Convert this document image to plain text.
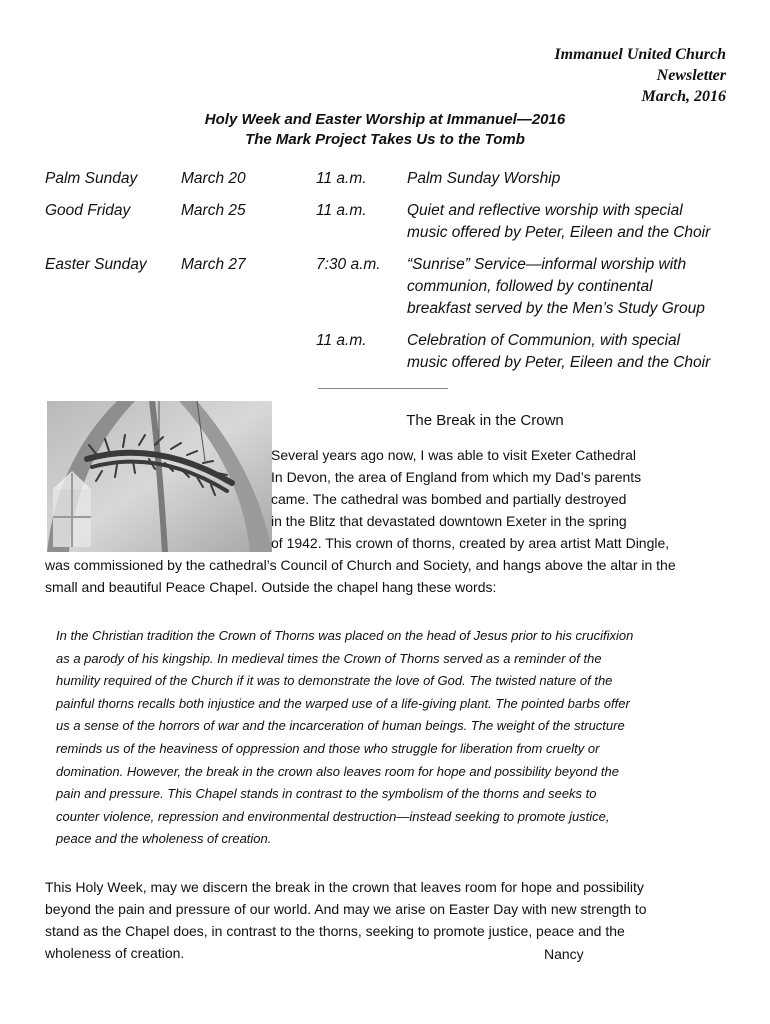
Immanuel United Church
Newsletter
March, 2016
Holy Week and Easter Worship at Immanuel—2016
The Mark Project Takes Us to the Tomb
Palm Sunday	March 20	11 a.m.	Palm Sunday Worship
Good Friday	March 25	11 a.m.	Quiet and reflective worship with special
music offered by Peter, Eileen and the Choir
Easter Sunday March 27	7:30 a.m. “Sunrise” Service—informal worship with
communion, followed by continental
breakfast served by the Men’s Study Group
11 a.m.	Celebration of Communion, with special
music offered by Peter, Eileen and the Choir
The Break in the Crown
Several years ago now, I was able to visit Exeter Cathedral
In Devon, the area of England from which my Dad’s parents
came. The cathedral was bombed and partially destroyed
in the Blitz that devastated downtown Exeter in the spring
of 1942. This crown of thorns, created by area artist Matt Dingle,
was commissioned by the cathedral’s Council of Church and Society, and hangs above the altar in the
small and beautiful Peace Chapel. Outside the chapel hang these words:
In the Christian tradition the Crown of Thorns was placed on the head of Jesus prior to his crucifixion
as a parody of his kingship. In medieval times the Crown of Thorns served as a reminder of the
humility required of the Church if it was to demonstrate the love of God. The twisted nature of the
painful thorns recalls both injustice and the warped use of a life-giving plant. The pointed barbs offer
us a sense of the horrors of war and the incarceration of human beings. The weight of the structure
reminds us of the heaviness of oppression and those who struggle for liberation from cruelty or
domination. However, the break in the crown also leaves room for hope and possibility beyond the
pain and pressure. This Chapel stands in contrast to the symbolism of the thorns and seeks to
counter violence, repression and environmental destruction—instead seeking to promote justice,
peace and the wholeness of creation.
This Holy Week, may we discern the break in the crown that leaves room for hope and possibility
beyond the pain and pressure of our world. And may we arise on Easter Day with new strength to
stand as the Chapel does, in contrast to the thorns, seeking to promote justice, peace and the
wholeness of creation.	Nancy
